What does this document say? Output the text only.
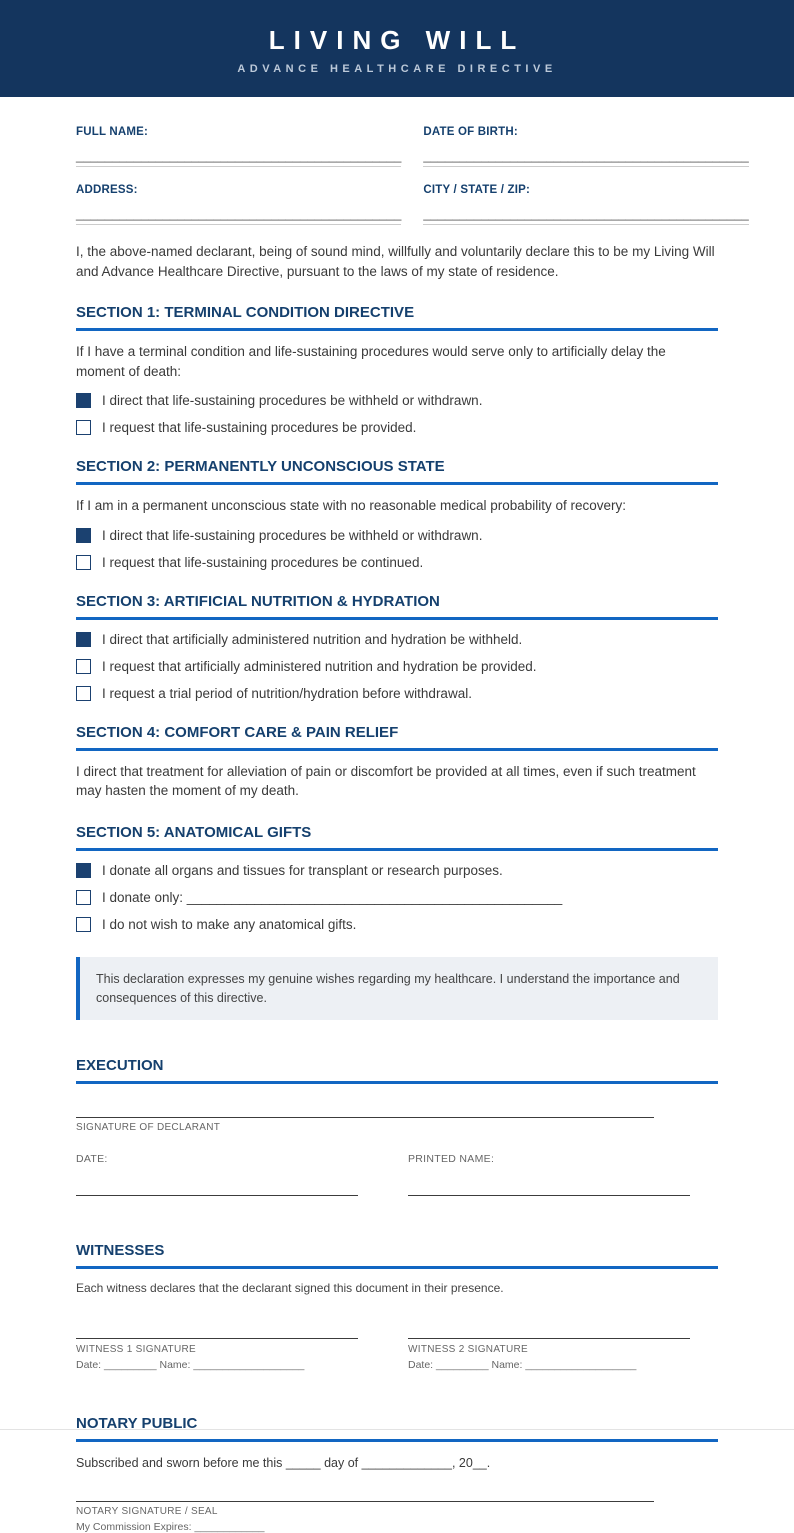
LIVING WILL
ADVANCE HEALTHCARE DIRECTIVE
FULL NAME:
_____________________________________________
DATE OF BIRTH:
_____________________________________________
ADDRESS:
_____________________________________________
CITY / STATE / ZIP:
_____________________________________________

I, the above-named declarant, being of sound mind, willfully and voluntarily declare this to be my Living Will and Advance Healthcare Directive, pursuant to the laws of my state of residence.

SECTION 1: TERMINAL CONDITION DIRECTIVE

If I have a terminal condition and life-sustaining procedures would serve only to artificially delay the moment of death:

I direct that life-sustaining procedures be withheld or withdrawn.
I request that life-sustaining procedures be provided.
SECTION 2: PERMANENTLY UNCONSCIOUS STATE

If I am in a permanent unconscious state with no reasonable medical probability of recovery:

I direct that life-sustaining procedures be withheld or withdrawn.
I request that life-sustaining procedures be continued.
SECTION 3: ARTIFICIAL NUTRITION & HYDRATION
I direct that artificially administered nutrition and hydration be withheld.
I request that artificially administered nutrition and hydration be provided.
I request a trial period of nutrition/hydration before withdrawal.
SECTION 4: COMFORT CARE & PAIN RELIEF

I direct that treatment for alleviation of pain or discomfort be provided at all times, even if such treatment may hasten the moment of my death.

SECTION 5: ANATOMICAL GIFTS
I donate all organs and tissues for transplant or research purposes.
I donate only: __________________________________________________
I do not wish to make any anatomical gifts.
This declaration expresses my genuine wishes regarding my healthcare. I understand the importance and consequences of this directive.
EXECUTION
SIGNATURE OF DECLARANT
DATE:	PRINTED NAME:
WITNESSES

Each witness declares that the declarant signed this document in their presence.

WITNESS 1 SIGNATURE
Date: _________ Name: ___________________
WITNESS 2 SIGNATURE
Date: _________ Name: ___________________
NOTARY PUBLIC

Subscribed and sworn before me this _____ day of _____________, 20__.

NOTARY SIGNATURE / SEAL
My Commission Expires: ____________
